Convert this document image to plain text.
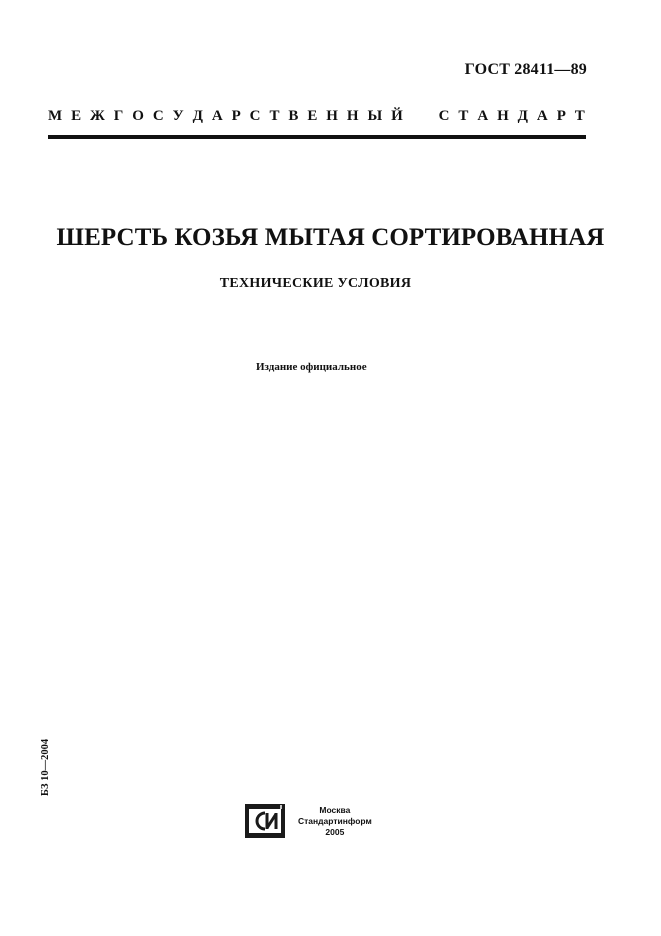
ГОСТ 28411—89
М Е Ж Г О С У Д А Р С Т В Е Н Н Ы Й С Т А Н Д А Р Т
ШЕРСТЬ КОЗЬЯ МЫТАЯ СОРТИРОВАННАЯ
ТЕХНИЧЕСКИЕ УСЛОВИЯ
Издание официальное
БЗ 10—2004
Москва
Стандартинформ
2005
